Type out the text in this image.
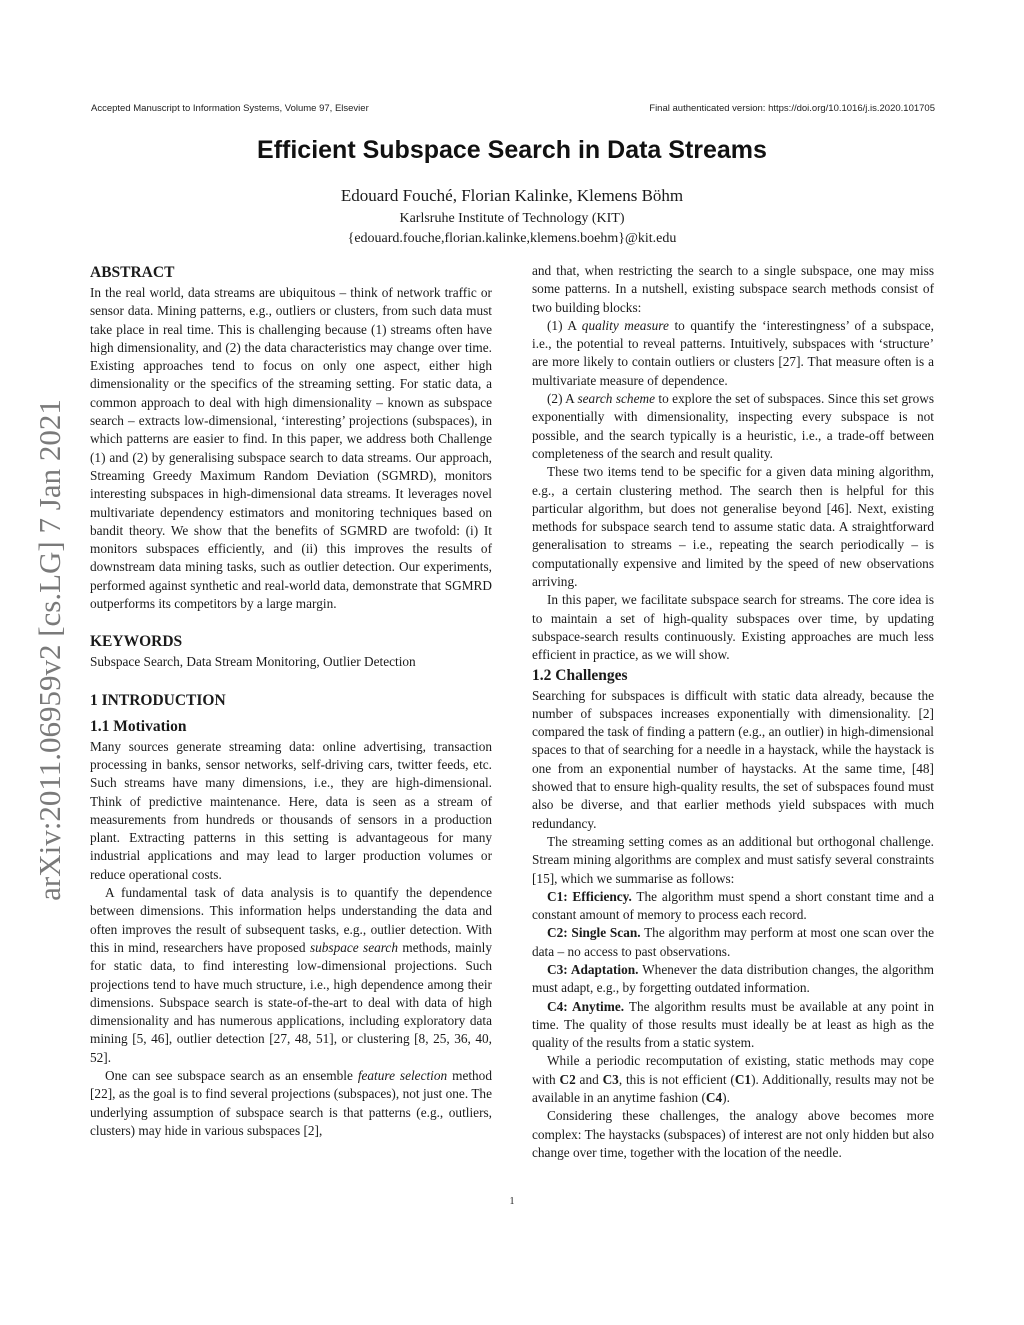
Accepted Manuscript to Information Systems, Volume 97, Elsevier	Final authenticated version: https://doi.org/10.1016/j.is.2020.101705
Efficient Subspace Search in Data Streams
Edouard Fouché, Florian Kalinke, Klemens Böhm
Karlsruhe Institute of Technology (KIT)
{edouard.fouche,florian.kalinke,klemens.boehm}@kit.edu
arXiv:2011.06959v2 [cs.LG] 7 Jan 2021
ABSTRACT

In the real world, data streams are ubiquitous – think of network traffic or sensor data. Mining patterns, e.g., outliers or clusters, from such data must take place in real time. This is challenging because (1) streams often have high dimensionality, and (2) the data characteristics may change over time. Existing approaches tend to focus on only one aspect, either high dimensionality or the specifics of the streaming setting. For static data, a common approach to deal with high dimensionality – known as subspace search – extracts low-dimensional, ‘interesting’ projections (subspaces), in which patterns are easier to find. In this paper, we address both Challenge (1) and (2) by generalising subspace search to data streams. Our approach, Streaming Greedy Maximum Random Deviation (SGMRD), monitors interesting subspaces in high-dimensional data streams. It leverages novel multivariate dependency estimators and monitoring techniques based on bandit theory. We show that the benefits of SGMRD are twofold: (i) It monitors subspaces efficiently, and (ii) this improves the results of downstream data mining tasks, such as outlier detection. Our experiments, performed against synthetic and real-world data, demonstrate that SGMRD outperforms its competitors by a large margin.

KEYWORDS

Subspace Search, Data Stream Monitoring, Outlier Detection

1 INTRODUCTION
1.1 Motivation

Many sources generate streaming data: online advertising, transaction processing in banks, sensor networks, self-driving cars, twitter feeds, etc. Such streams have many dimensions, i.e., they are high-dimensional. Think of predictive maintenance. Here, data is seen as a stream of measurements from hundreds or thousands of sensors in a production plant. Extracting patterns in this setting is advantageous for many industrial applications and may lead to larger production volumes or reduce operational costs.

A fundamental task of data analysis is to quantify the dependence between dimensions. This information helps understanding the data and often improves the result of subsequent tasks, e.g., outlier detection. With this in mind, researchers have proposed subspace search methods, mainly for static data, to find interesting low-dimensional projections. Such projections tend to have much structure, i.e., high dependence among their dimensions. Subspace search is state-of-the-art to deal with data of high dimensionality and has numerous applications, including exploratory data mining [5, 46], outlier detection [27, 48, 51], or clustering [8, 25, 36, 40, 52].

One can see subspace search as an ensemble feature selection method [22], as the goal is to find several projections (subspaces), not just one. The underlying assumption of subspace search is that patterns (e.g., outliers, clusters) may hide in various subspaces [2],

and that, when restricting the search to a single subspace, one may miss some patterns. In a nutshell, existing subspace search methods consist of two building blocks:

(1) A quality measure to quantify the ‘interestingness’ of a subspace, i.e., the potential to reveal patterns. Intuitively, subspaces with ‘structure’ are more likely to contain outliers or clusters [27]. That measure often is a multivariate measure of dependence.

(2) A search scheme to explore the set of subspaces. Since this set grows exponentially with dimensionality, inspecting every subspace is not possible, and the search typically is a heuristic, i.e., a trade-off between completeness of the search and result quality.

These two items tend to be specific for a given data mining algorithm, e.g., a certain clustering method. The search then is helpful for this particular algorithm, but does not generalise beyond [46]. Next, existing methods for subspace search tend to assume static data. A straightforward generalisation to streams – i.e., repeating the search periodically – is computationally expensive and limited by the speed of new observations arriving.

In this paper, we facilitate subspace search for streams. The core idea is to maintain a set of high-quality subspaces over time, by updating subspace-search results continuously. Existing approaches are much less efficient in practice, as we will show.

1.2 Challenges

Searching for subspaces is difficult with static data already, because the number of subspaces increases exponentially with dimensionality. [2] compared the task of finding a pattern (e.g., an outlier) in high-dimensional spaces to that of searching for a needle in a haystack, while the haystack is one from an exponential number of haystacks. At the same time, [48] showed that to ensure high-quality results, the set of subspaces found must also be diverse, and that earlier methods yield subspaces with much redundancy.

The streaming setting comes as an additional but orthogonal challenge. Stream mining algorithms are complex and must satisfy several constraints [15], which we summarise as follows:

C1: Efficiency. The algorithm must spend a short constant time and a constant amount of memory to process each record.

C2: Single Scan. The algorithm may perform at most one scan over the data – no access to past observations.

C3: Adaptation. Whenever the data distribution changes, the algorithm must adapt, e.g., by forgetting outdated information.

C4: Anytime. The algorithm results must be available at any point in time. The quality of those results must ideally be at least as high as the quality of the results from a static system.

While a periodic recomputation of existing, static methods may cope with C2 and C3, this is not efficient (C1). Additionally, results may not be available in an anytime fashion (C4).

Considering these challenges, the analogy above becomes more complex: The haystacks (subspaces) of interest are not only hidden but also change over time, together with the location of the needle.

1
